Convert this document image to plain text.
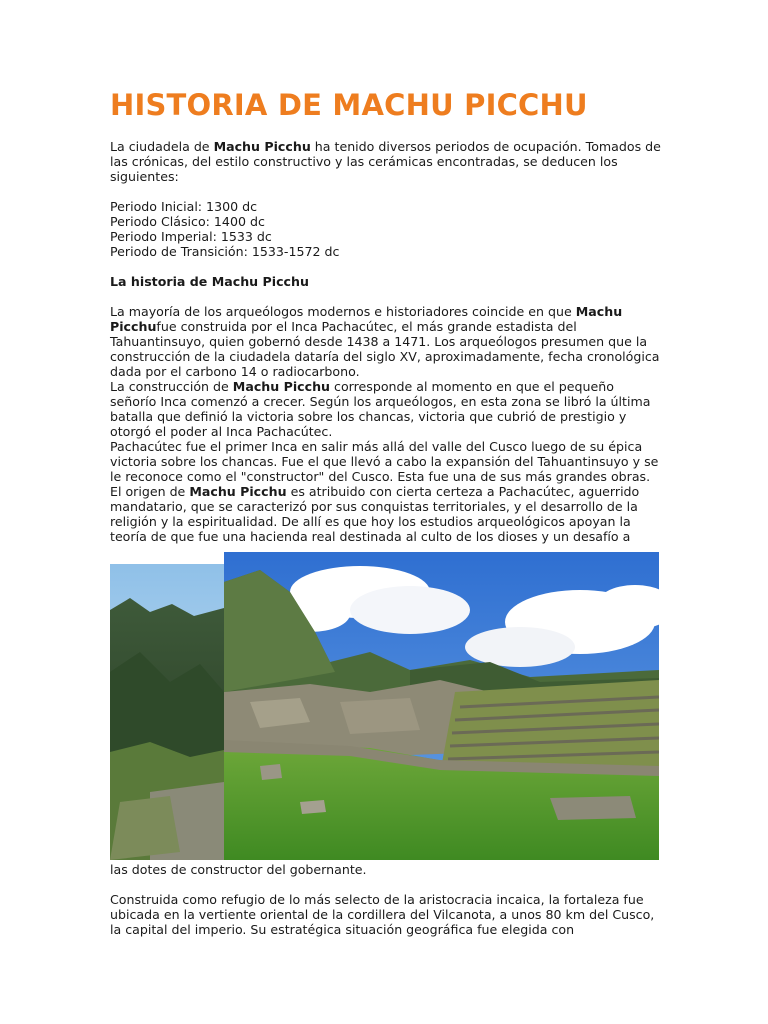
HISTORIA DE MACHU PICCHU

La ciudadela de Machu Picchu ha tenido diversos periodos de ocupación. Tomados de las crónicas, del estilo constructivo y las cerámicas encontradas, se deducen los siguientes:

Periodo Inicial: 1300 dc

Periodo Clásico: 1400 dc

Periodo Imperial: 1533 dc

Periodo de Transición: 1533-1572 dc

La historia de Machu Picchu

La mayoría de los arqueólogos modernos e historiadores coincide en que Machu Picchufue construida por el Inca Pachacútec, el más grande estadista del Tahuantinsuyo, quien gobernó desde 1438 a 1471. Los arqueólogos presumen que la construcción de la ciudadela dataría del siglo XV, aproximadamente, fecha cronológica dada por el carbono 14 o radiocarbono.

La construcción de Machu Picchu corresponde al momento en que el pequeño señorío Inca comenzó a crecer. Según los arqueólogos, en esta zona se libró la última batalla que definió la victoria sobre los chancas, victoria que cubrió de prestigio y otorgó el poder al Inca Pachacútec.

Pachacútec fue el primer Inca en salir más allá del valle del Cusco luego de su épica victoria sobre los chancas. Fue el que llevó a cabo la expansión del Tahuantinsuyo y se le reconoce como el "constructor" del Cusco. Esta fue una de sus más grandes obras.

El origen de Machu Picchu es atribuido con cierta certeza a Pachacútec, aguerrido mandatario, que se caracterizó por sus conquistas territoriales, y el desarrollo de la religión y la espiritualidad. De allí es que hoy los estudios arqueológicos apoyan la teoría de que fue una hacienda real destinada al culto de los dioses y un desafío a

las dotes de constructor del gobernante.

Construida como refugio de lo más selecto de la aristocracia incaica, la fortaleza fue ubicada en la vertiente oriental de la cordillera del Vilcanota, a unos 80 km del Cusco, la capital del imperio. Su estratégica situación geográfica fue elegida con
